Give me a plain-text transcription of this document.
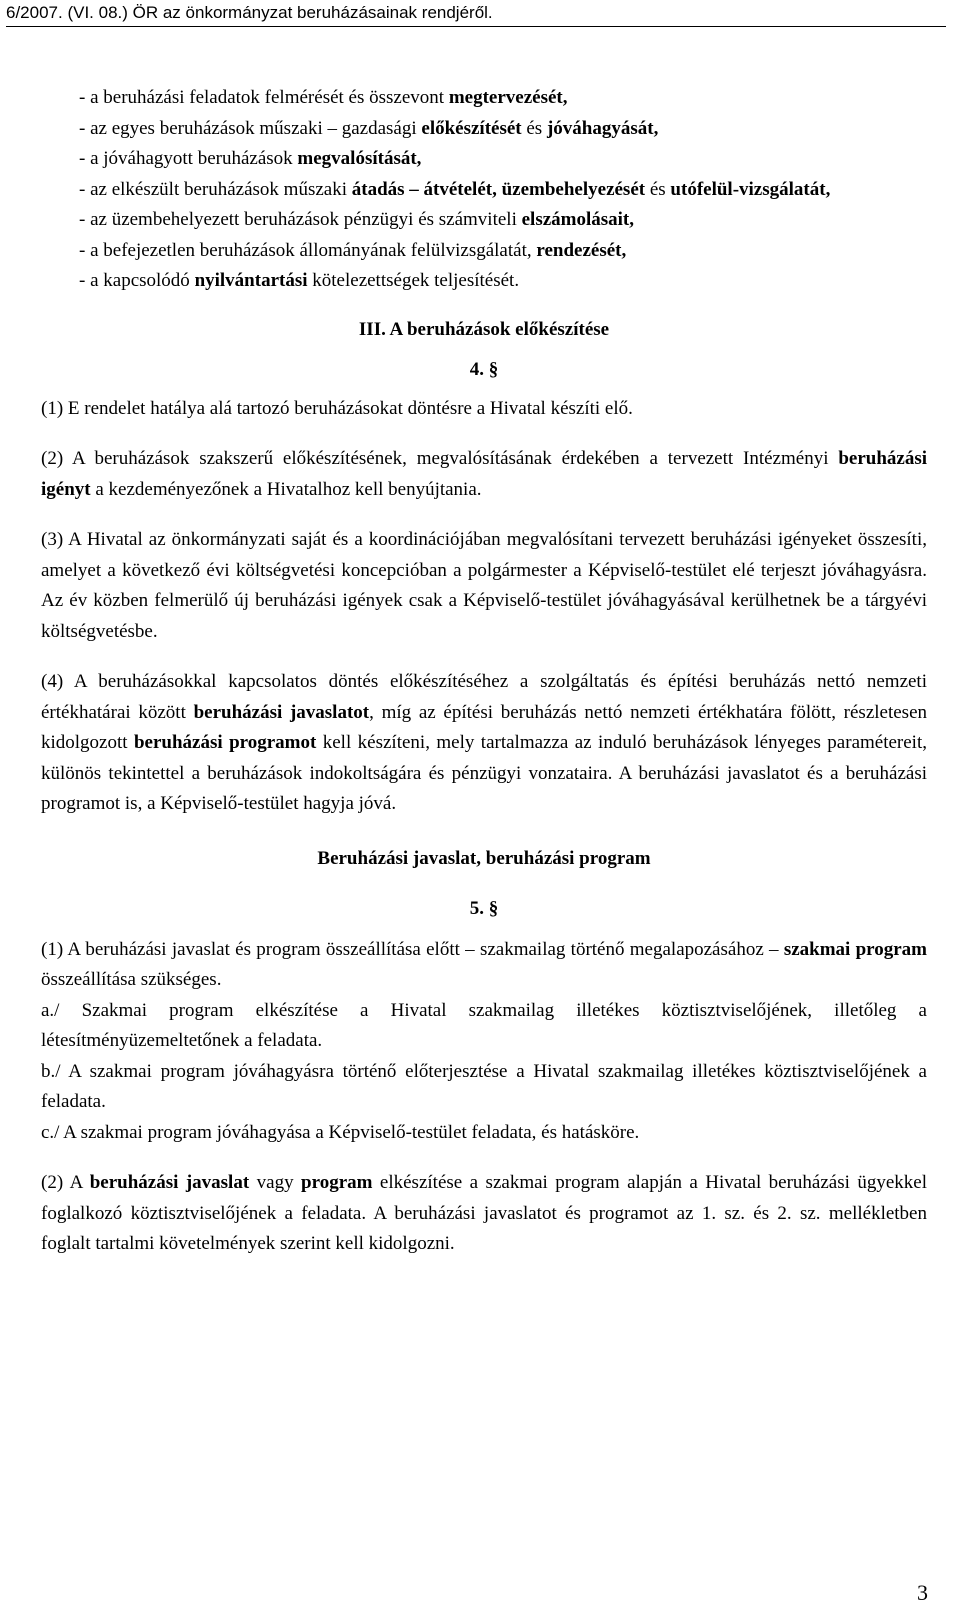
6/2007. (VI. 08.) ÖR az önkormányzat beruházásainak rendjéről.

- a beruházási feladatok felmérését és összevont megtervezését,

- az egyes beruházások műszaki – gazdasági előkészítését és jóváhagyását,

- a jóváhagyott beruházások megvalósítását,

- az elkészült beruházások műszaki átadás – átvételét, üzembehelyezését és utófelül-vizsgálatát,

- az üzembehelyezett beruházások pénzügyi és számviteli elszámolásait,

- a befejezetlen beruházások állományának felülvizsgálatát, rendezését,

- a kapcsolódó nyilvántartási kötelezettségek teljesítését.

III. A beruházások előkészítése

4. §

(1) E rendelet hatálya alá tartozó beruházásokat döntésre a Hivatal készíti elő.

(2) A beruházások szakszerű előkészítésének, megvalósításának érdekében a tervezett Intézményi beruházási igényt a kezdeményezőnek a Hivatalhoz kell benyújtania.

(3) A Hivatal az önkormányzati saját és a koordinációjában megvalósítani tervezett beruházási igényeket összesíti, amelyet a következő évi költségvetési koncepcióban a polgármester a Képviselő-testület elé terjeszt jóváhagyásra. Az év közben felmerülő új beruházási igények csak a Képviselő-testület jóváhagyásával kerülhetnek be a tárgyévi költségvetésbe.

(4) A beruházásokkal kapcsolatos döntés előkészítéséhez a szolgáltatás és építési beruházás nettó nemzeti értékhatárai között beruházási javaslatot, míg az építési beruházás nettó nemzeti értékhatára fölött, részletesen kidolgozott beruházási programot kell készíteni, mely tartalmazza az induló beruházások lényeges paramétereit, különös tekintettel a beruházások indokoltságára és pénzügyi vonzataira. A beruházási javaslatot és a beruházási programot is, a Képviselő-testület hagyja jóvá.

Beruházási javaslat, beruházási program

5. §

(1) A beruházási javaslat és program összeállítása előtt – szakmailag történő megalapozásához – szakmai program összeállítása szükséges.

a./ Szakmai program elkészítése a Hivatal szakmailag illetékes köztisztviselőjének, illetőleg a létesítményüzemeltetőnek a feladata.

b./ A szakmai program jóváhagyásra történő előterjesztése a Hivatal szakmailag illetékes köztisztviselőjének a feladata.

c./ A szakmai program jóváhagyása a Képviselő-testület feladata, és hatásköre.

(2) A beruházási javaslat vagy program elkészítése a szakmai program alapján a Hivatal beruházási ügyekkel foglalkozó köztisztviselőjének a feladata. A beruházási javaslatot és programot az 1. sz. és 2. sz. mellékletben foglalt tartalmi követelmények szerint kell kidolgozni.

3
